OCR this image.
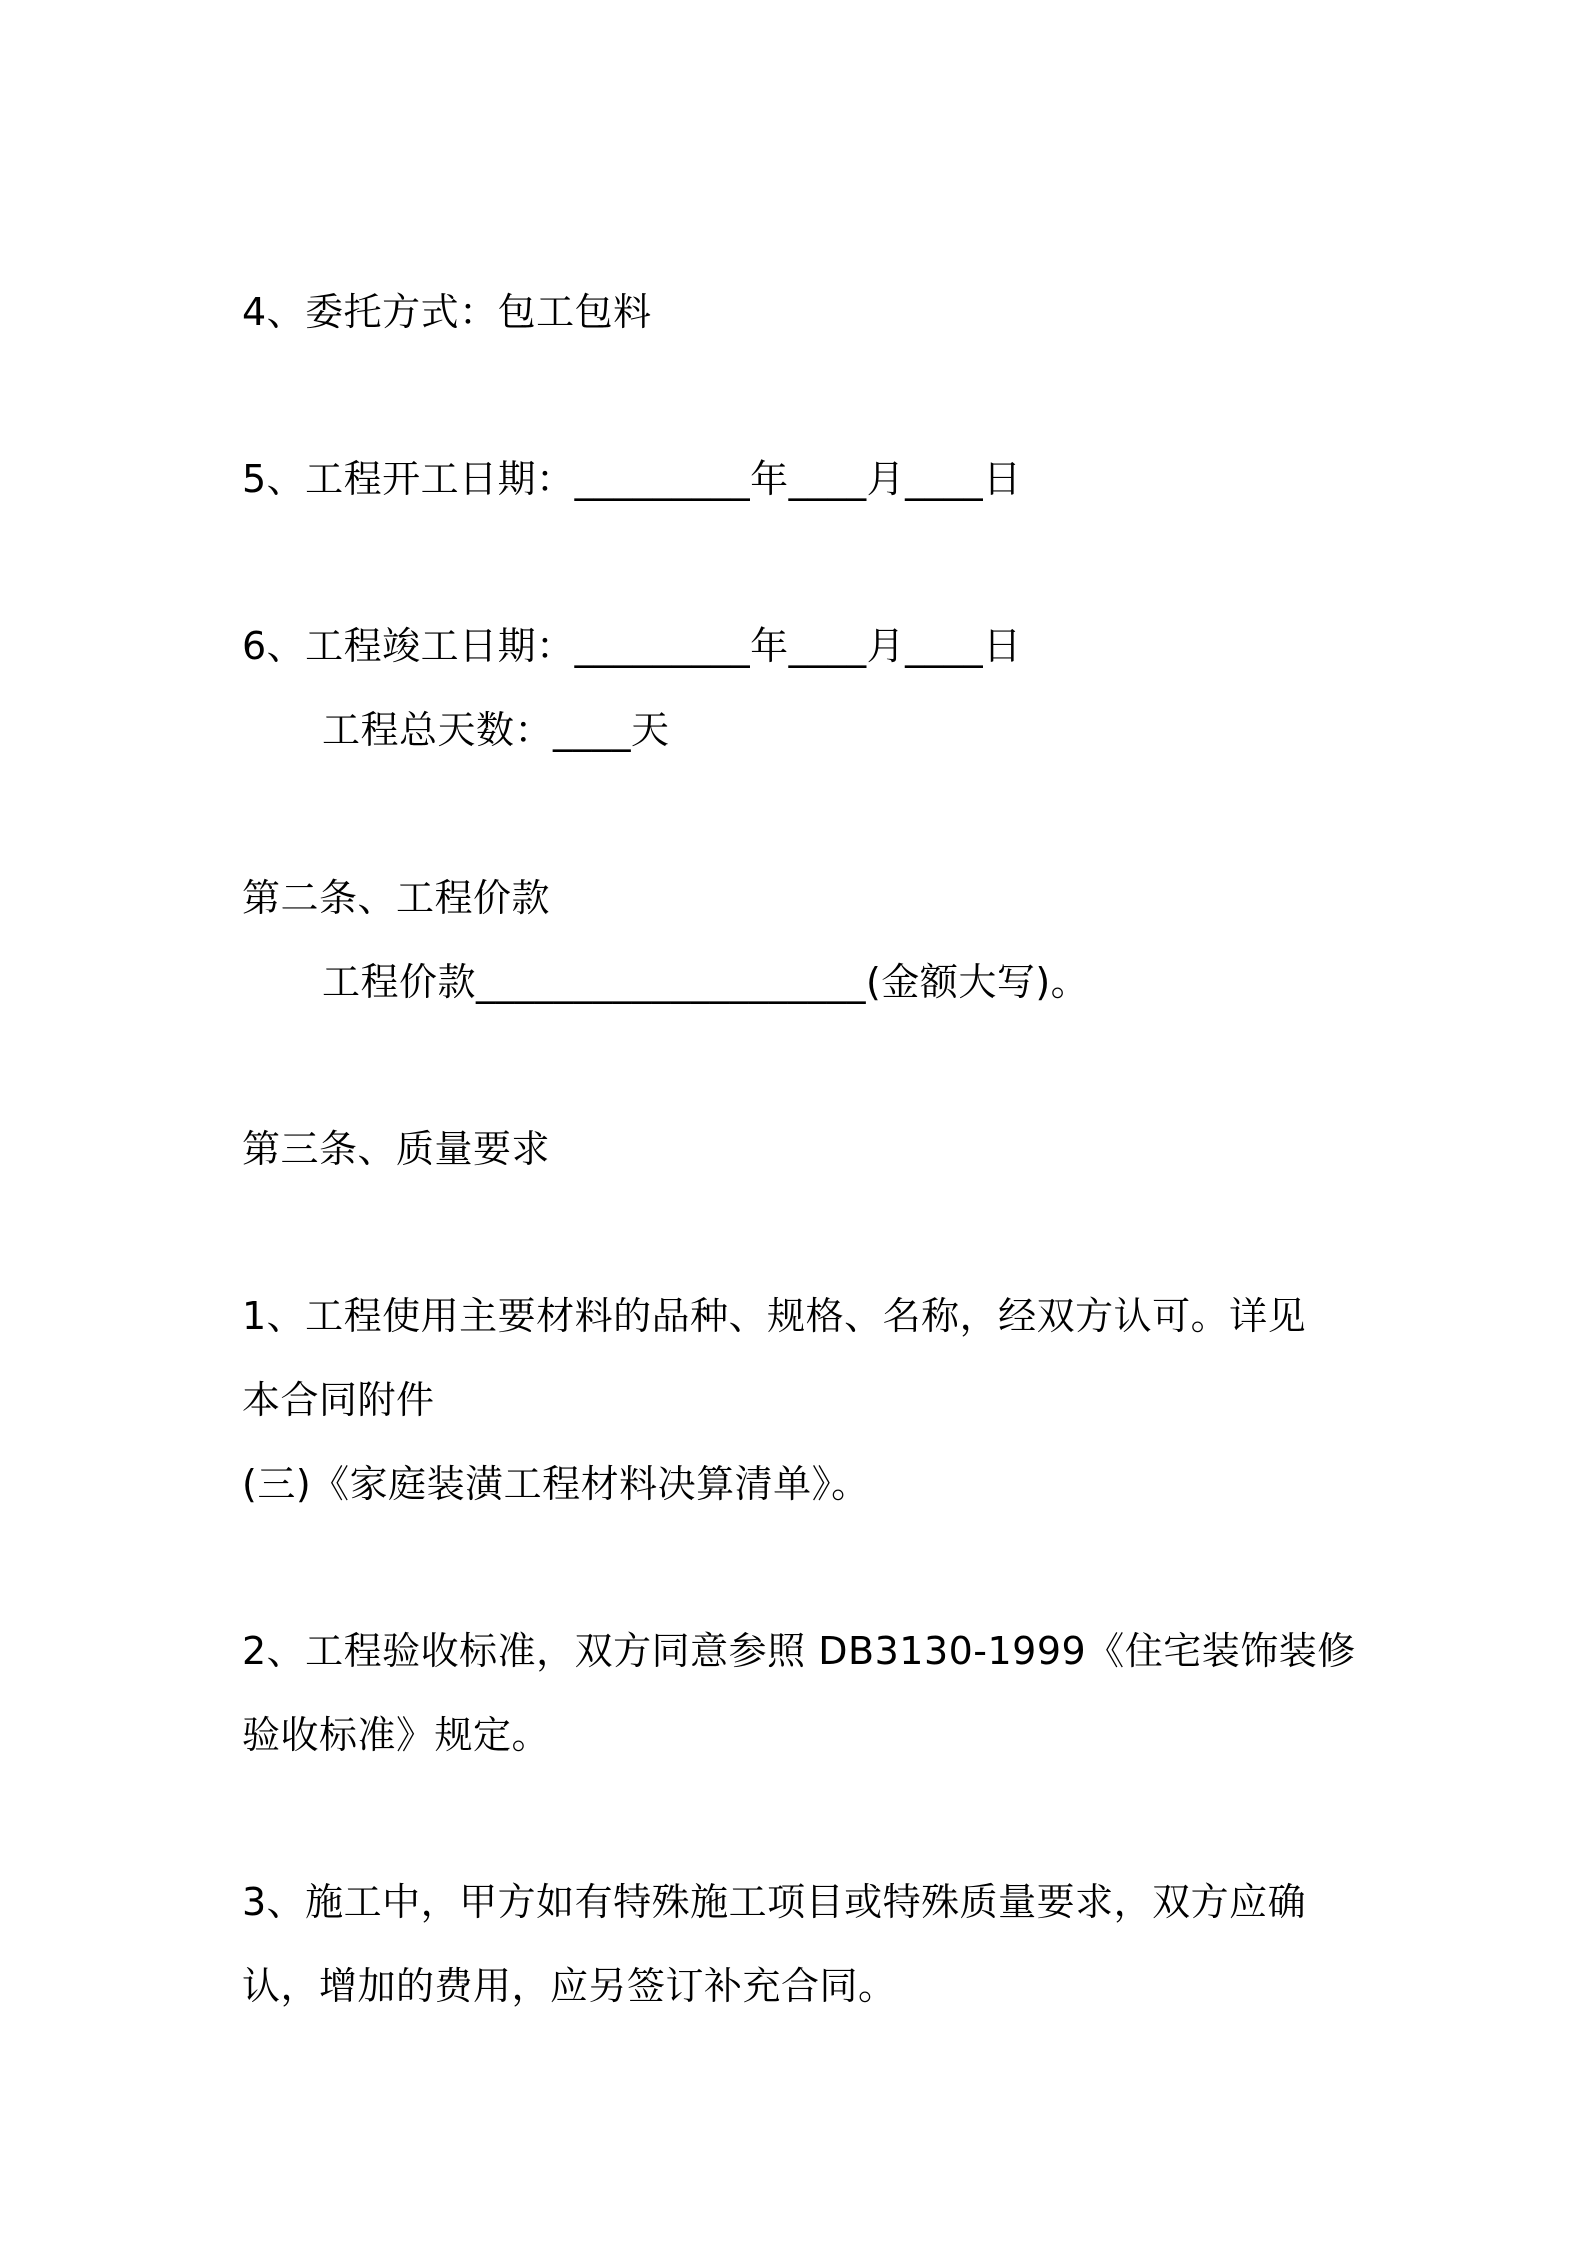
4、委托方式：包工包料

5、工程开工日期：_________年____月____日

6、工程竣工日期：_________年____月____日

工程总天数：____天

第二条、工程价款

工程价款____________________(金额大写)。

第三条、质量要求

1、工程使用主要材料的品种、规格、名称，经双方认可。详见

本合同附件

(三)《家庭装潢工程材料决算清单》。

2、工程验收标准，双方同意参照 DB3130-1999《住宅装饰装修

验收标准》规定。

3、施工中，甲方如有特殊施工项目或特殊质量要求，双方应确

认，增加的费用，应另签订补充合同。
